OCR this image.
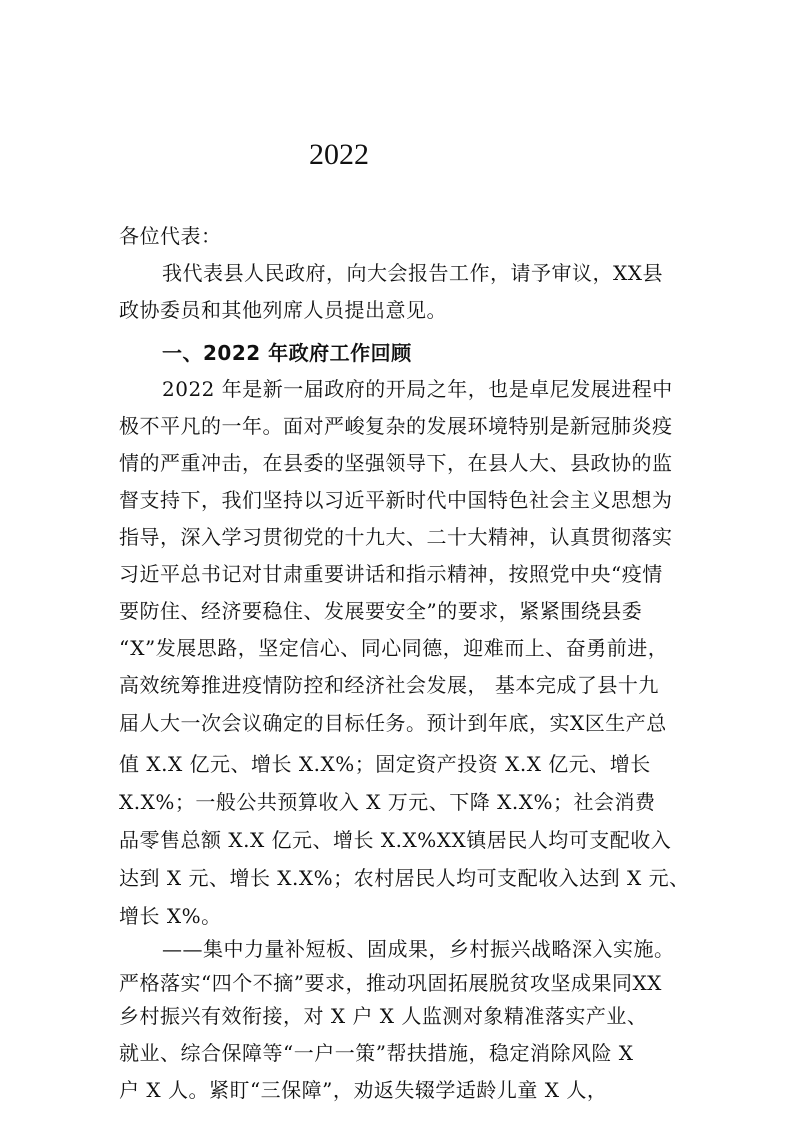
2022
各位代表：
我代表县人民政府，向大会报告工作，请予审议，XX县
政协委员和其他列席人员提出意见。
一、2022 年政府工作回顾
2022 年是新一届政府的开局之年，也是卓尼发展进程中
极不平凡的一年。面对严峻复杂的发展环境特别是新冠肺炎疫
情的严重冲击，在县委的坚强领导下，在县人大、县政协的监
督支持下，我们坚持以习近平新时代中国特色社会主义思想为
指导，深入学习贯彻党的十九大、二十大精神，认真贯彻落实
习近平总书记对甘肃重要讲话和指示精神，按照党中央“疫情
要防住、经济要稳住、发展要安全”的要求，紧紧围绕县委
“X”发展思路，坚定信心、同心同德，迎难而上、奋勇前进，
高效统筹推进疫情防控和经济社会发展， 基本完成了县十九
届人大一次会议确定的目标任务。预计到年底，实X区生产总
值 X.X 亿元、增长 X.X%；固定资产投资 X.X 亿元、增长
X.X%；一般公共预算收入 X 万元、下降 X.X%；社会消费
品零售总额 X.X 亿元、增长 X.X%XX镇居民人均可支配收入
达到 X 元、增长 X.X%；农村居民人均可支配收入达到 X 元、
增长 X%。
——集中力量补短板、固成果，乡村振兴战略深入实施。
严格落实“四个不摘”要求，推动巩固拓展脱贫攻坚成果同XX
乡村振兴有效衔接，对 X 户 X 人监测对象精准落实产业、
就业、综合保障等“一户一策”帮扶措施，稳定消除风险 X
户 X 人。紧盯“三保障”，劝返失辍学适龄儿童 X 人，
